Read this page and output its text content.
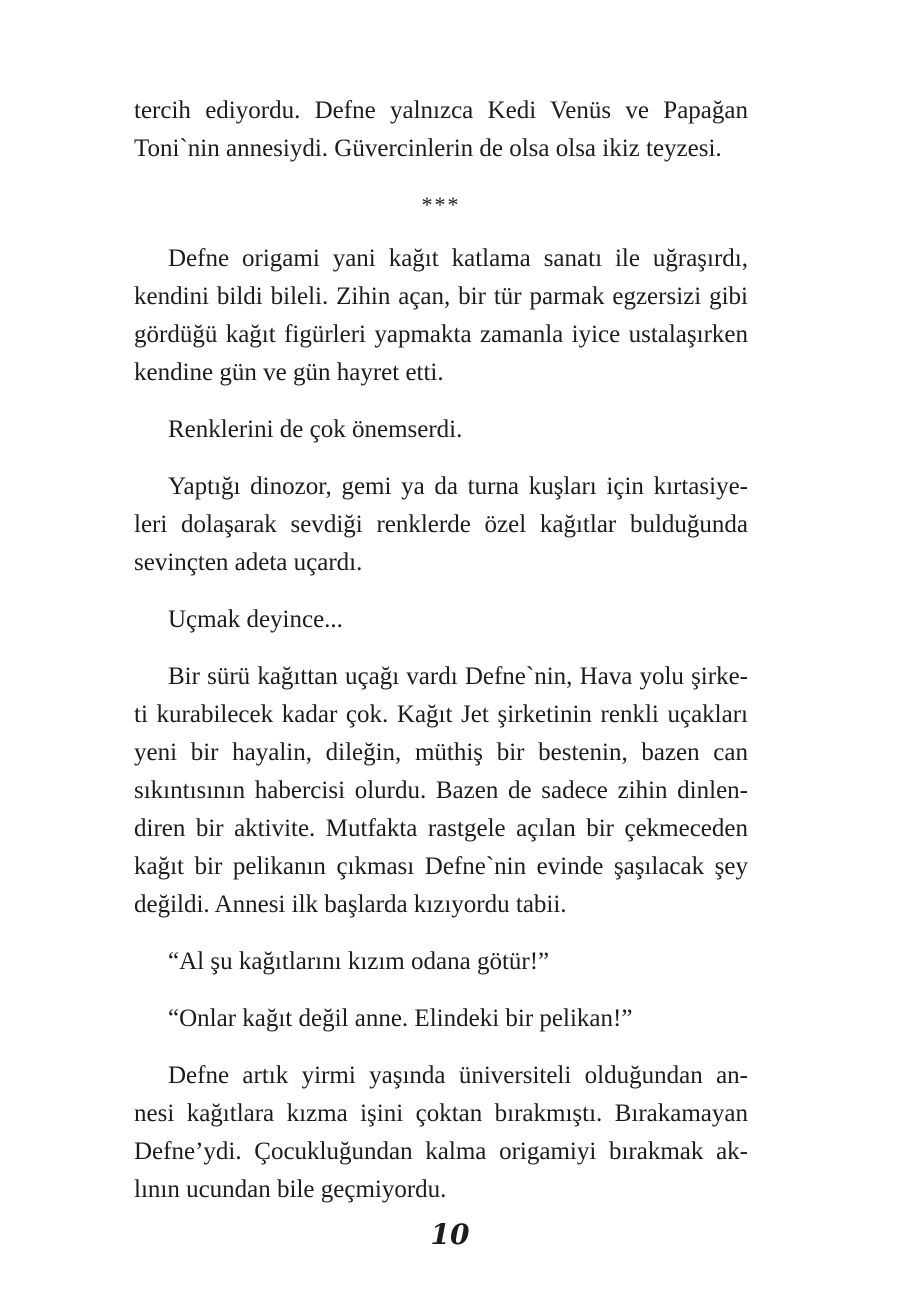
tercih ediyordu. Defne yalnızca Kedi Venüs ve Papağan
Toni`nin annesiydi. Güvercinlerin de olsa olsa ikiz teyzesi.
***
Defne origami yani kağıt katlama sanatı ile uğraşırdı,
kendini bildi bileli. Zihin açan, bir tür parmak egzersizi gibi
gördüğü kağıt figürleri yapmakta zamanla iyice ustalaşırken
kendine gün ve gün hayret etti.
Renklerini de çok önemserdi.
Yaptığı dinozor, gemi ya da turna kuşları için kırtasiye-
leri dolaşarak sevdiği renklerde özel kağıtlar bulduğunda
sevinçten adeta uçardı.
Uçmak deyince...
Bir sürü kağıttan uçağı vardı Defne`nin, Hava yolu şirke-
ti kurabilecek kadar çok. Kağıt Jet şirketinin renkli uçakları
yeni bir hayalin, dileğin, müthiş bir bestenin, bazen can
sıkıntısının habercisi olurdu. Bazen de sadece zihin dinlen-
diren bir aktivite. Mutfakta rastgele açılan bir çekmeceden
kağıt bir pelikanın çıkması Defne`nin evinde şaşılacak şey
değildi. Annesi ilk başlarda kızıyordu tabii.
“Al şu kağıtlarını kızım odana götür!”
“Onlar kağıt değil anne. Elindeki bir pelikan!”
Defne artık yirmi yaşında üniversiteli olduğundan an-
nesi kağıtlara kızma işini çoktan bırakmıştı. Bırakamayan
Defne’ydi. Çocukluğundan kalma origamiyi bırakmak ak-
lının ucundan bile geçmiyordu.
10
